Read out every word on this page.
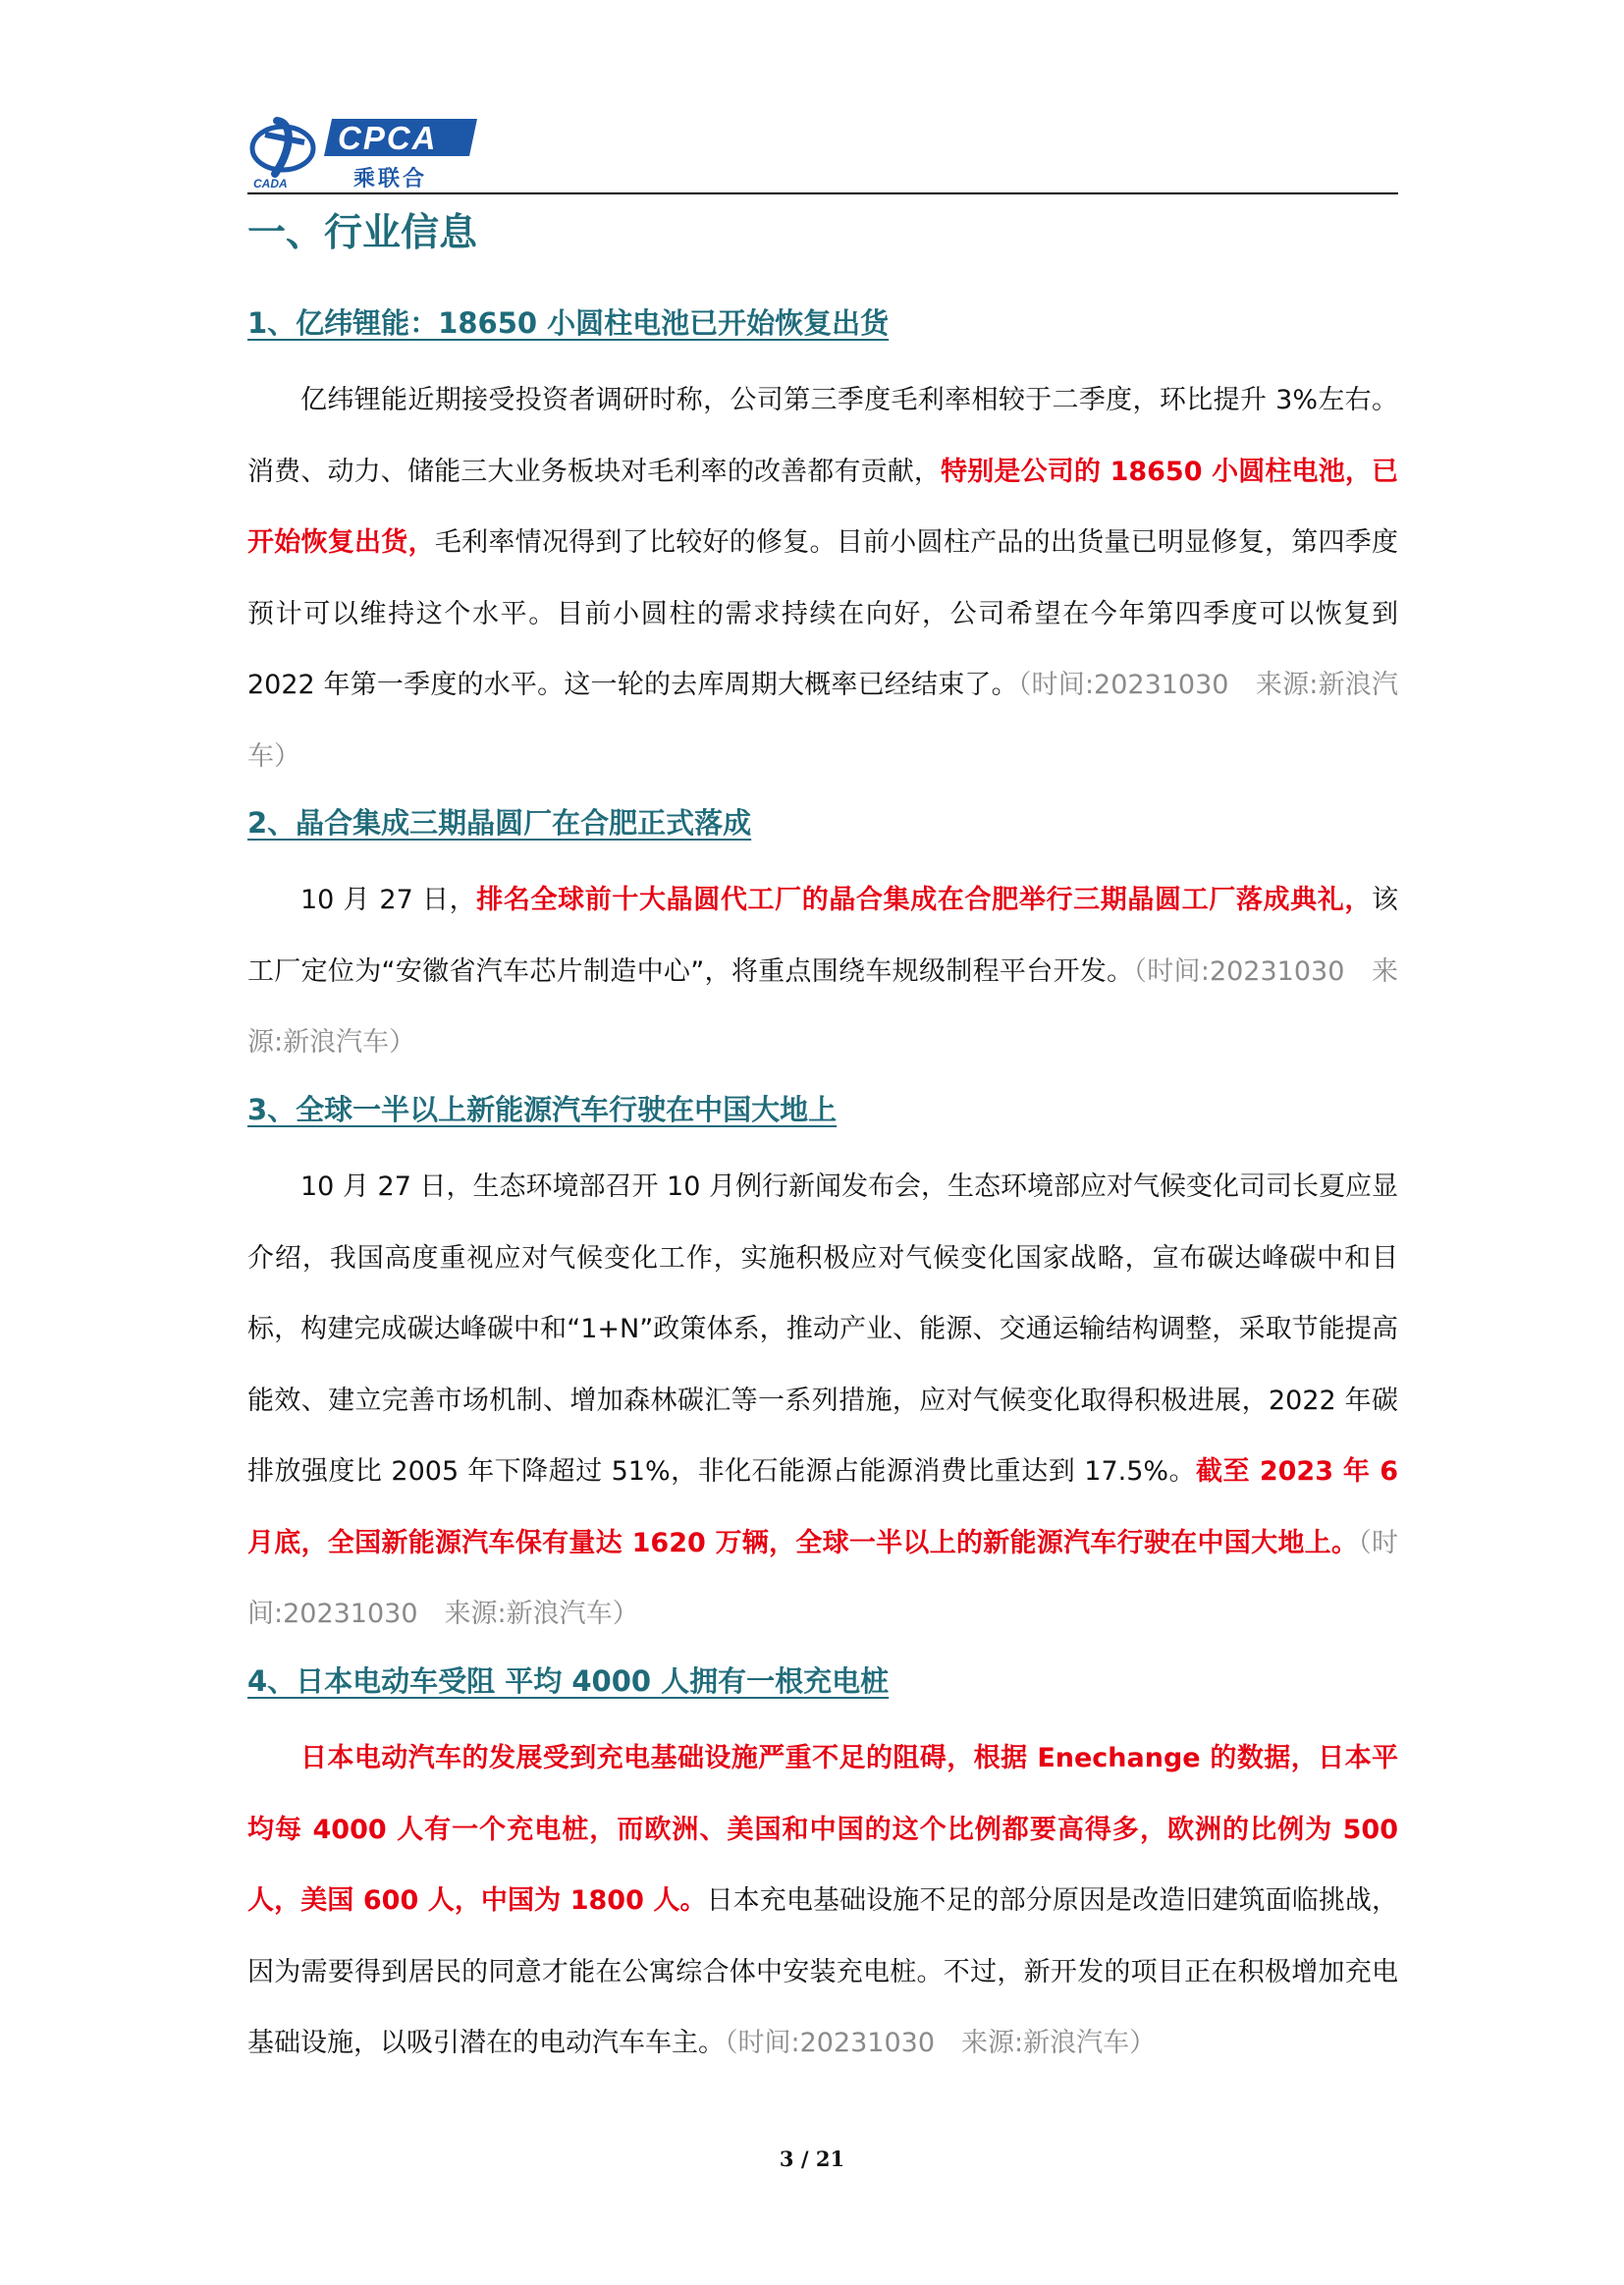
CADA
CPCA
乘联合
一、行业信息
1、亿纬锂能：18650 小圆柱电池已开始恢复出货

亿纬锂能近期接受投资者调研时称，公司第三季度毛利率相较于二季度，环比提升 3%左右。消费、动力、储能三大业务板块对毛利率的改善都有贡献，特别是公司的 18650 小圆柱电池，已开始恢复出货，毛利率情况得到了比较好的修复。目前小圆柱产品的出货量已明显修复，第四季度预计可以维持这个水平。目前小圆柱的需求持续在向好，公司希望在今年第四季度可以恢复到 2022 年第一季度的水平。这一轮的去库周期大概率已经结束了。（时间:20231030　来源:新浪汽车）

2、晶合集成三期晶圆厂在合肥正式落成

10 月 27 日，排名全球前十大晶圆代工厂的晶合集成在合肥举行三期晶圆工厂落成典礼，该工厂定位为“安徽省汽车芯片制造中心”，将重点围绕车规级制程平台开发。（时间:20231030　来源:新浪汽车）

3、全球一半以上新能源汽车行驶在中国大地上

10 月 27 日，生态环境部召开 10 月例行新闻发布会，生态环境部应对气候变化司司长夏应显介绍，我国高度重视应对气候变化工作，实施积极应对气候变化国家战略，宣布碳达峰碳中和目标，构建完成碳达峰碳中和“1+N”政策体系，推动产业、能源、交通运输结构调整，采取节能提高能效、建立完善市场机制、增加森林碳汇等一系列措施，应对气候变化取得积极进展，2022 年碳排放强度比 2005 年下降超过 51%，非化石能源占能源消费比重达到 17.5%。截至 2023 年 6 月底，全国新能源汽车保有量达 1620 万辆，全球一半以上的新能源汽车行驶在中国大地上。（时间:20231030　来源:新浪汽车）

4、日本电动车受阻 平均 4000 人拥有一根充电桩

日本电动汽车的发展受到充电基础设施严重不足的阻碍，根据 Enechange 的数据，日本平均每 4000 人有一个充电桩，而欧洲、美国和中国的这个比例都要高得多，欧洲的比例为 500 人，美国 600 人，中国为 1800 人。日本充电基础设施不足的部分原因是改造旧建筑面临挑战，因为需要得到居民的同意才能在公寓综合体中安装充电桩。不过，新开发的项目正在积极增加充电基础设施，以吸引潜在的电动汽车车主。（时间:20231030　来源:新浪汽车）

3 / 21
